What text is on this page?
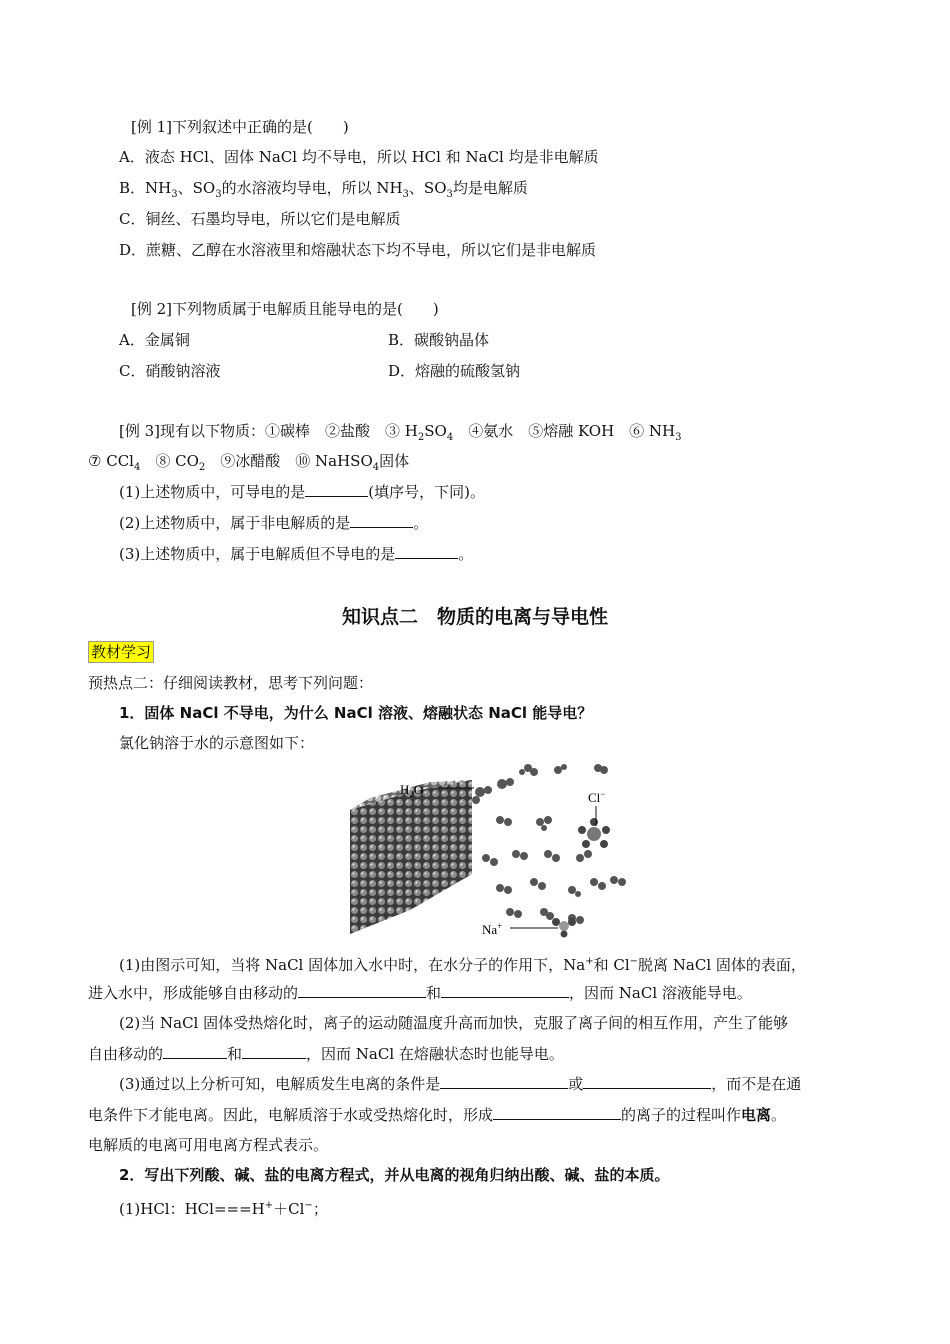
[例 1]下列叙述中正确的是(　　)
A．液态 HCl、固体 NaCl 均不导电，所以 HCl 和 NaCl 均是非电解质
B．$NH_3$、$SO_3$的水溶液均导电，所以 $NH_3$、$SO_3$均是电解质
C．铜丝、石墨均导电，所以它们是电解质
D．蔗糖、乙醇在水溶液里和熔融状态下均不导电，所以它们是非电解质
[例 2]下列物质属于电解质且能导电的是(　　)
A．金属铜	B．碳酸钠晶体
C．硝酸钠溶液	D．熔融的硫酸氢钠
[例 3]现有以下物质：①碳棒　②盐酸　③ $H_2SO_4$　④氨水　⑤熔融 KOH　⑥ $NH_3$
⑦ CCl$_4$　⑧ $CO_2$　⑨冰醋酸　⑩ NaHSO$_4$固体
(1)上述物质中，可导电的是	(填序号，下同)。
(2)上述物质中，属于非电解质的是	。
(3)上述物质中，属于电解质但不导电的是	。
知识点二　物质的电离与导电性
教材学习
预热点二：仔细阅读教材，思考下列问题：
1．固体 NaCl 不导电，为什么 NaCl 溶液、熔融状态 NaCl 能导电？
氯化钠溶于水的示意图如下：
$H_2O$
Cl−
Na+
(1)由图示可知，当将 NaCl 固体加入水中时，在水分子的作用下，Na+和 Cl−脱离 NaCl 固体的表面，
进入水中，形成能够自由移动的	和	，因而 NaCl 溶液能导电。
(2)当 NaCl 固体受热熔化时，离子的运动随温度升高而加快，克服了离子间的相互作用，产生了能够
自由移动的	和	，因而 NaCl 在熔融状态时也能导电。
(3)通过以上分析可知，电解质发生电离的条件是	或	，而不是在通
电条件下才能电离。因此，电解质溶于水或受热熔化时，形成	的离子的过程叫作电离。
电解质的电离可用电离方程式表示。
2．写出下列酸、碱、盐的电离方程式，并从电离的视角归纳出酸、碱、盐的本质。
(1)HCl：HCl===H+＋Cl−；
